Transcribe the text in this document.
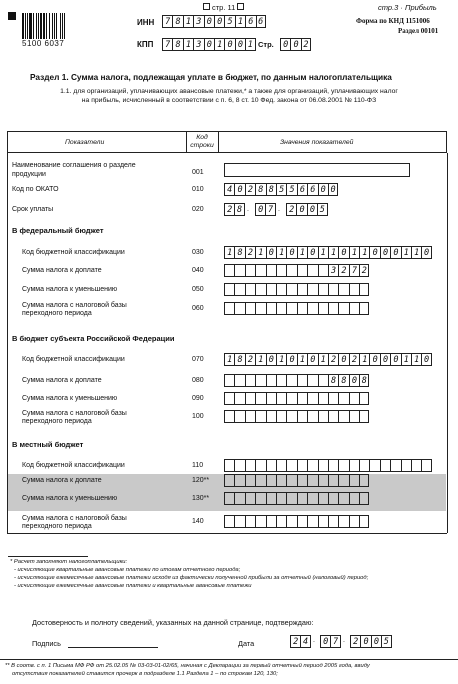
стр. 11	стр.3 · Прибыль
5100 6037
ИНН	7 8 1 3 0 0 5 1 6 6
КПП	7 8 1 3 0 1 0 0 1 Стр.	0 0 2
Форма по КНД 1151006
Раздел 00101
Раздел 1. Сумма налога, подлежащая уплате в бюджет, по данным налогоплательщика
1.1. для организаций, уплачивающих авансовые платежи,* а также для организаций, уплачивающих налог
на прибыль, исчисленный в соответствии с п. 6, 8 ст. 10 Фед. закона от 06.08.2001 № 110-ФЗ
Показатели
Код
строки	Значения показателей
Наименование соглашения о разделе
продукции	001
Код по ОКАТО	010	4 0 2 8 8 5 5 6 6 0 0
Срок уплаты	020	2 8 .	0 7 .	2 0 0 5
В федеральный бюджет
Код бюджетной классификации	030	1 8 2 1 0 1 0 1 0 1 1 0 1 1 0 0 0 1 1 0
Сумма налога к доплате	040	3 2 7 2
Сумма налога к уменьшению	050
Сумма налога с налоговой базы
переходного периода
060
В бюджет субъекта Российской Федерации
Код бюджетной классификации	070	1 8 2 1 0 1 0 1 0 1 2 0 2 1 0 0 0 1 1 0
Сумма налога к доплате	080	8 8 0 8
Сумма налога к уменьшению	090
Сумма налога с налоговой базы
переходного периода
100
В местный бюджет
Код бюджетной классификации	110
Сумма налога к доплате	120**
Сумма налога к уменьшению	130**
Сумма налога с налоговой базы
переходного периода
140
* Расчет заполняют налогоплательщики:
- исчисляющие квартальные авансовые платежи по итогам отчетного периода;
- исчисляющие ежемесячные авансовые платежи исходя из фактически полученной прибыли за отчетный (налоговый) период;
- исчисляющие ежемесячные авансовые платежи и квартальные авансовые платежи
Достоверность и полноту сведений, указанных на данной странице, подтверждаю:
Подпись	Дата	2 4 . 0 7 . 2 0 0 5
** В соотв. с п. 1 Письма МФ РФ от 25.02.05 № 03-03-01-02/65, начиная с Декларации за первый отчетный период 2005 года, ввиду
отсутствия показателей ставится прочерк в подразделе 1.1 Раздела 1 – по строкам 120, 130;
